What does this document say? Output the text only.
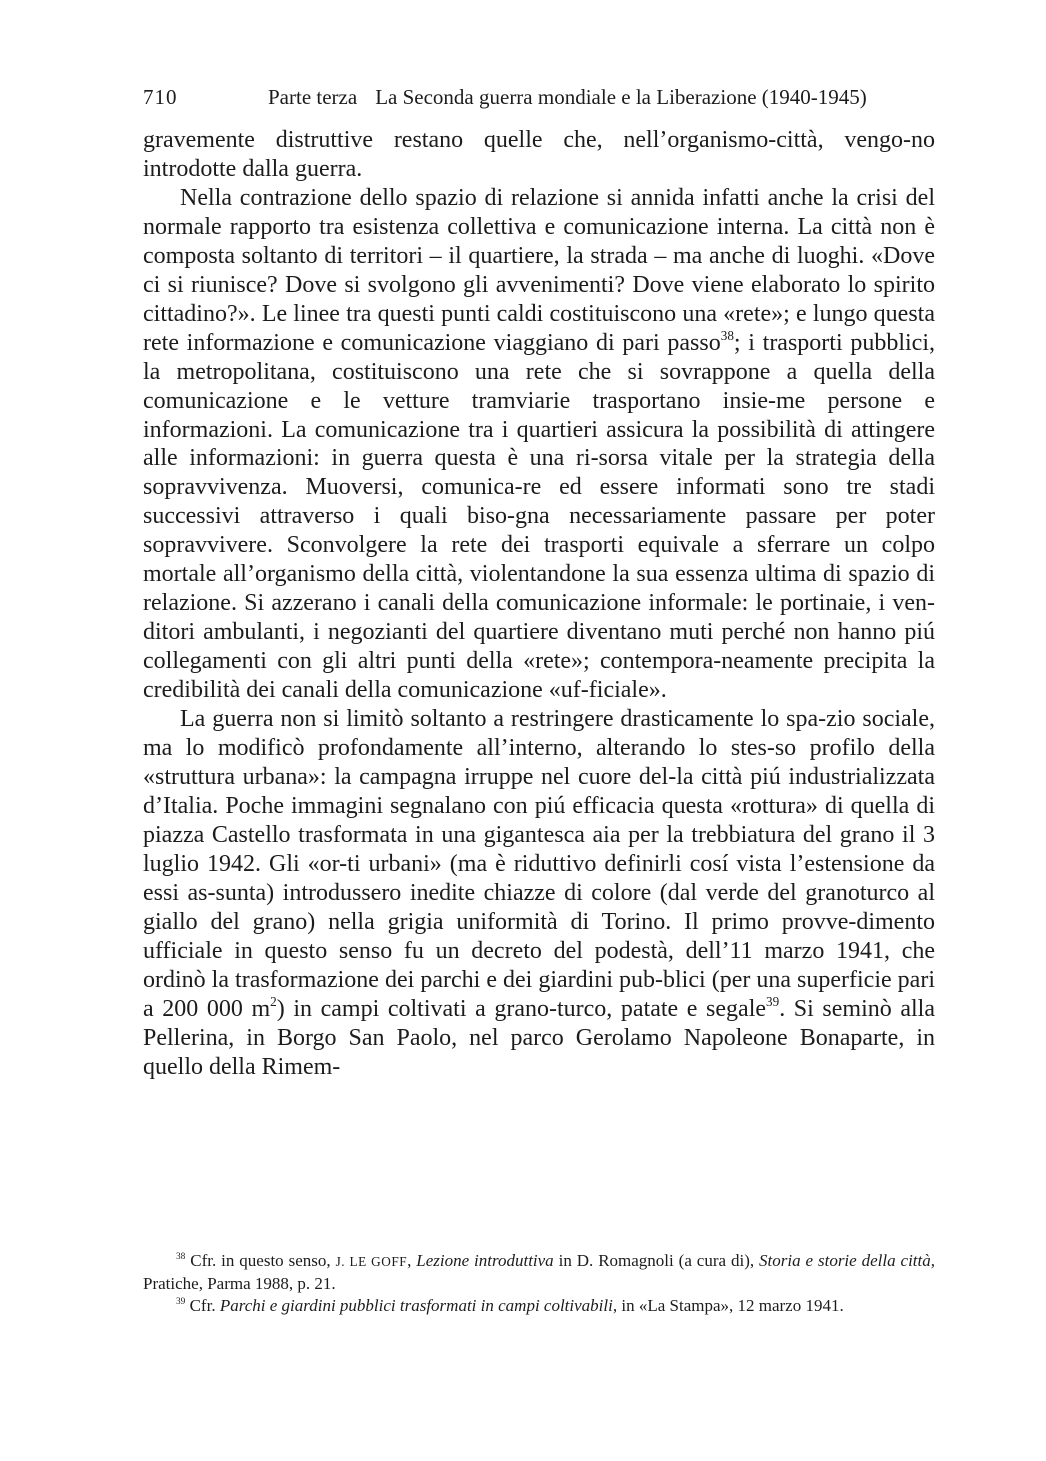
710	Parte terza La Seconda guerra mondiale e la Liberazione (1940-1945)

gravemente distruttive restano quelle che, nell’organismo-città, vengo-no introdotte dalla guerra.

Nella contrazione dello spazio di relazione si annida infatti anche la crisi del normale rapporto tra esistenza collettiva e comunicazione interna. La città non è composta soltanto di territori – il quartiere, la strada – ma anche di luoghi. «Dove ci si riunisce? Dove si svolgono gli avvenimenti? Dove viene elaborato lo spirito cittadino?». Le linee tra questi punti caldi costituiscono una «rete»; e lungo questa rete informazione e comunicazione viaggiano di pari passo$^{38}$; i trasporti pubblici, la metropolitana, costituiscono una rete che si sovrappone a quella della comunicazione e le vetture tramviarie trasportano insie-me persone e informazioni. La comunicazione tra i quartieri assicura la possibilità di attingere alle informazioni: in guerra questa è una ri-sorsa vitale per la strategia della sopravvivenza. Muoversi, comunica-re ed essere informati sono tre stadi successivi attraverso i quali biso-gna necessariamente passare per poter sopravvivere. Sconvolgere la rete dei trasporti equivale a sferrare un colpo mortale all’organismo della città, violentandone la sua essenza ultima di spazio di relazione. Si azzerano i canali della comunicazione informale: le portinaie, i ven-ditori ambulanti, i negozianti del quartiere diventano muti perché non hanno piú collegamenti con gli altri punti della «rete»; contempora-neamente precipita la credibilità dei canali della comunicazione «uf-ficiale».

La guerra non si limitò soltanto a restringere drasticamente lo spa-zio sociale, ma lo modificò profondamente all’interno, alterando lo stes-so profilo della «struttura urbana»: la campagna irruppe nel cuore del-la città piú industrializzata d’Italia. Poche immagini segnalano con piú efficacia questa «rottura» di quella di piazza Castello trasformata in una gigantesca aia per la trebbiatura del grano il 3 luglio 1942. Gli «or-ti urbani» (ma è riduttivo definirli cosí vista l’estensione da essi as-sunta) introdussero inedite chiazze di colore (dal verde del granoturco al giallo del grano) nella grigia uniformità di Torino. Il primo provve-dimento ufficiale in questo senso fu un decreto del podestà, dell’11 marzo 1941, che ordinò la trasformazione dei parchi e dei giardini pub-blici (per una superficie pari a 200 000 $m^2$) in campi coltivati a grano-turco, patate e segale$^{39}$. Si seminò alla Pellerina, in Borgo San Paolo, nel parco Gerolamo Napoleone Bonaparte, in quello della Rimem-

$^{38}$ Cfr. in questo senso, J. LE GOFF, Lezione introduttiva in D. Romagnoli (a cura di), Storia e storie della città, Pratiche, Parma 1988, p. 21.

$^{39}$ Cfr. Parchi e giardini pubblici trasformati in campi coltivabili, in «La Stampa», 12 marzo 1941.
